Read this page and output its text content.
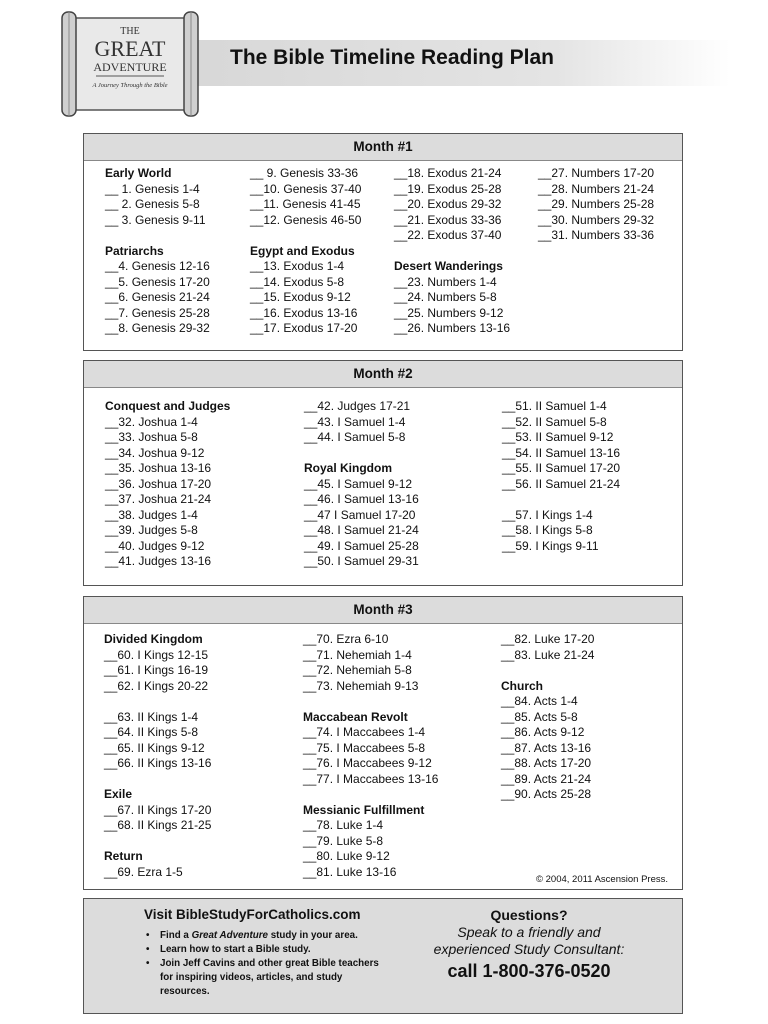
THE
GREAT
ADVENTURE
A Journey Through the Bible
The Bible Timeline Reading Plan
Month #1
Early World
__ 1. Genesis 1-4
__ 2. Genesis 5-8
__ 3. Genesis 9-11
Patriarchs
__4. Genesis 12-16
__5. Genesis 17-20
__6. Genesis 21-24
__7. Genesis 25-28
__8. Genesis 29-32
__ 9. Genesis 33-36
__10. Genesis 37-40
__11. Genesis 41-45
__12. Genesis 46-50
Egypt and Exodus
__13. Exodus 1-4
__14. Exodus 5-8
__15. Exodus 9-12
__16. Exodus 13-16
__17. Exodus 17-20
__18. Exodus 21-24
__19. Exodus 25-28
__20. Exodus 29-32
__21. Exodus 33-36
__22. Exodus 37-40
Desert Wanderings
__23. Numbers 1-4
__24. Numbers 5-8
__25. Numbers 9-12
__26. Numbers 13-16
__27. Numbers 17-20
__28. Numbers 21-24
__29. Numbers 25-28
__30. Numbers 29-32
__31. Numbers 33-36
Month #2
Conquest and Judges
__32. Joshua 1-4
__33. Joshua 5-8
__34. Joshua 9-12
__35. Joshua 13-16
__36. Joshua 17-20
__37. Joshua 21-24
__38. Judges 1-4
__39. Judges 5-8
__40. Judges 9-12
__41. Judges 13-16
__42. Judges 17-21
__43. I Samuel 1-4
__44. I Samuel 5-8
Royal Kingdom
__45. I Samuel 9-12
__46. I Samuel 13-16
__47 I Samuel 17-20
__48. I Samuel 21-24
__49. I Samuel 25-28
__50. I Samuel 29-31
__51. II Samuel 1-4
__52. II Samuel 5-8
__53. II Samuel 9-12
__54. II Samuel 13-16
__55. II Samuel 17-20
__56. II Samuel 21-24
__57. I Kings 1-4
__58. I Kings 5-8
__59. I Kings 9-11
Month #3
Divided Kingdom
__60. I Kings 12-15
__61. I Kings 16-19
__62. I Kings 20-22
__63. II Kings 1-4
__64. II Kings 5-8
__65. II Kings 9-12
__66. II Kings 13-16
Exile
__67. II Kings 17-20
__68. II Kings 21-25
Return
__69. Ezra 1-5
__70. Ezra 6-10
__71. Nehemiah 1-4
__72. Nehemiah 5-8
__73. Nehemiah 9-13
Maccabean Revolt
__74. I Maccabees 1-4
__75. I Maccabees 5-8
__76. I Maccabees 9-12
__77. I Maccabees 13-16
Messianic Fulfillment
__78. Luke 1-4
__79. Luke 5-8
__80. Luke 9-12
__81. Luke 13-16
__82. Luke 17-20
__83. Luke 21-24
Church
__84. Acts 1-4
__85. Acts 5-8
__86. Acts 9-12
__87. Acts 13-16
__88. Acts 17-20
__89. Acts 21-24
__90. Acts 25-28
© 2004, 2011 Ascension Press.
Visit BibleStudyForCatholics.com
• Find a Great Adventure study in your area.
• Learn how to start a Bible study.
• Join Jeff Cavins and other great Bible teachers for inspiring videos, articles, and study resources.
Questions?
Speak to a friendly and
experienced Study Consultant:
call 1-800-376-0520
